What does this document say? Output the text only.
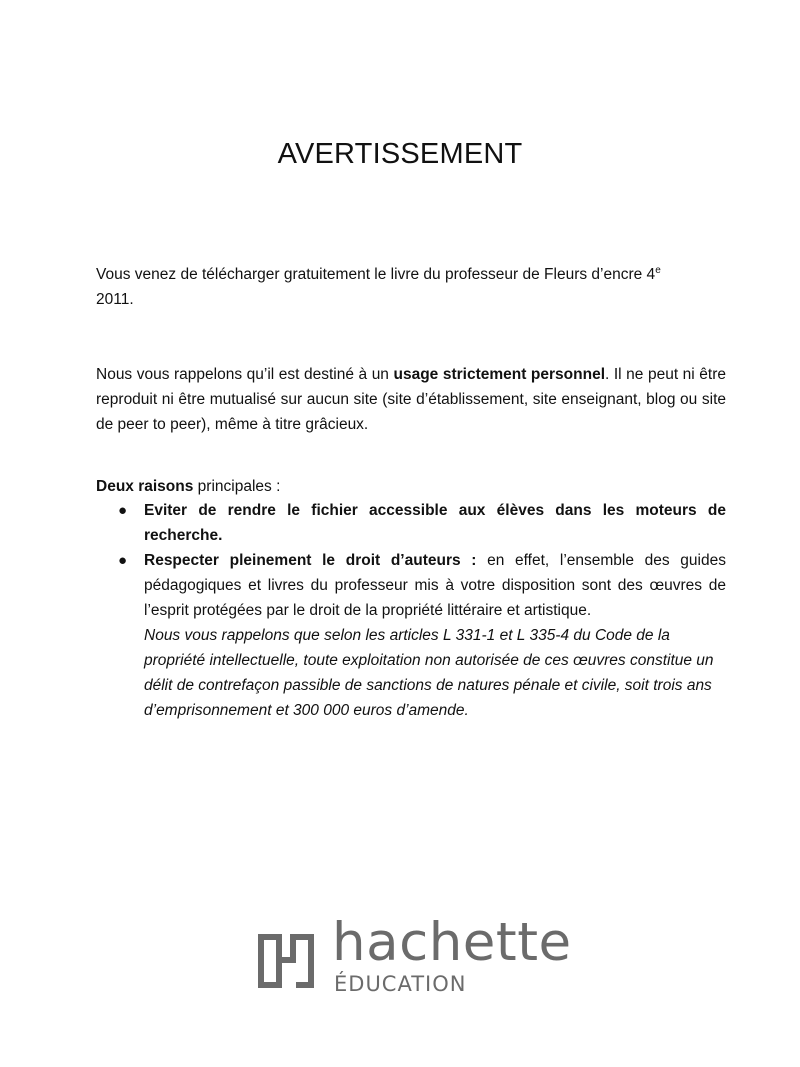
AVERTISSEMENT
Vous venez de télécharger gratuitement le livre du professeur de Fleurs d’encre 4e
2011.
Nous vous rappelons qu’il est destiné à un usage strictement personnel. Il ne peut ni être reproduit ni être mutualisé sur aucun site (site d’établissement, site enseignant, blog ou site de peer to peer), même à titre grâcieux.
Deux raisons principales :
● Eviter de rendre le fichier accessible aux élèves dans les moteurs de recherche.
● Respecter pleinement le droit d’auteurs : en effet, l’ensemble des guides pédagogiques et livres du professeur mis à votre disposition sont des œuvres de l’esprit protégées par le droit de la propriété littéraire et artistique.
Nous vous rappelons que selon les articles L 331-1 et L 335-4 du Code de la propriété intellectuelle, toute exploitation non autorisée de ces œuvres constitue un délit de contrefaçon passible de sanctions de natures pénale et civile, soit trois ans d’emprisonnement et 300 000 euros d’amende.
hachette
ÉDUCATION
